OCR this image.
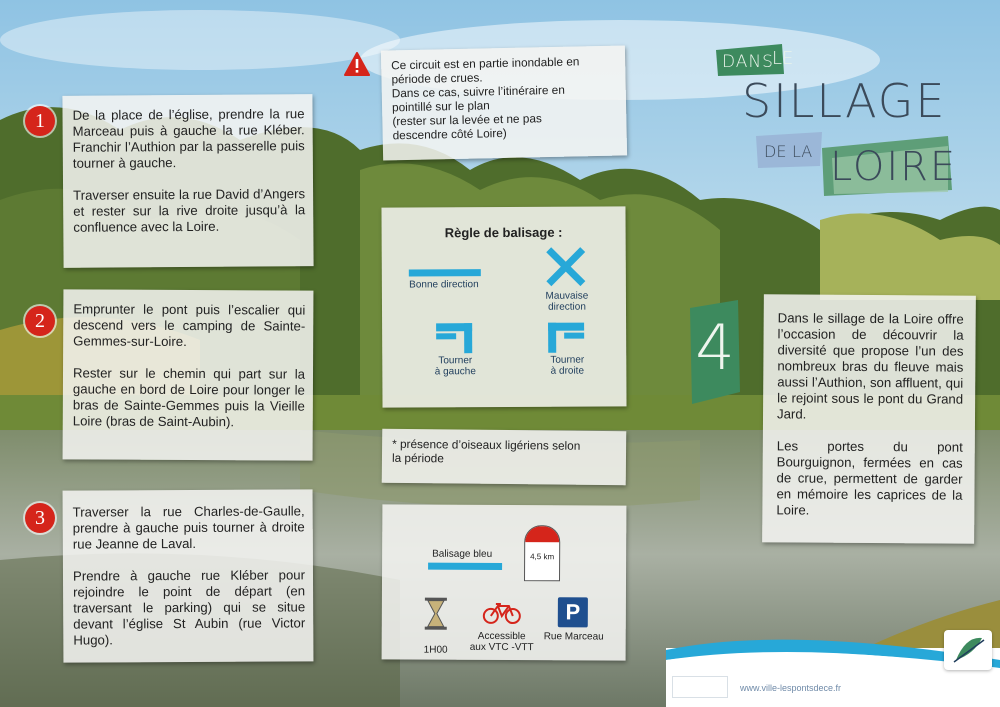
De la place de l’église, prendre la rue Marceau puis à gauche la rue Kléber. Franchir l’Authion par la passerelle puis tourner à gauche.

Traverser ensuite la rue David d’Angers et rester sur la rive droite jusqu’à la confluence avec la Loire.

1

Emprunter le pont puis l’escalier qui descend vers le camping de Sainte-Gemmes-sur-Loire.

Rester sur le chemin qui part sur la gauche en bord de Loire pour longer le bras de Sainte-Gemmes puis la Vieille Loire (bras de Saint-Aubin).

2

Traverser la rue Charles-de-Gaulle, prendre à gauche puis tourner à droite rue Jeanne de Laval.

Prendre à gauche rue Kléber pour rejoindre le point de départ (en traversant le parking) qui se situe devant l’église St Aubin (rue Victor Hugo).

3
Ce circuit est en partie inondable en
période de crues.
Dans ce cas, suivre l’itinéraire en
pointillé sur le plan
(rester sur la levée et ne pas
descendre côté Loire)
DANS
LE
SILLAGE
DE LA LOIRE
Règle de balisage :
Bonne direction
Mauvaise
direction
Tourner
à gauche
Tourner
à droite
* présence d’oiseaux ligériens selon
la période
Balisage bleu	4,5 km
1H00
Accessible
aux VTC -VTT
P
Rue Marceau
4	Dans le sillage de la Loire offre l’occasion de découvrir la diversité que propose l’un des nombreux bras du fleuve mais aussi l’Authion, son affluent, qui le rejoint sous le pont du Grand Jard.

Les portes du pont Bourguignon, fermées en cas de crue, permettent de garder en mémoire les caprices de la Loire.

www.ville-lespontsdece.fr
